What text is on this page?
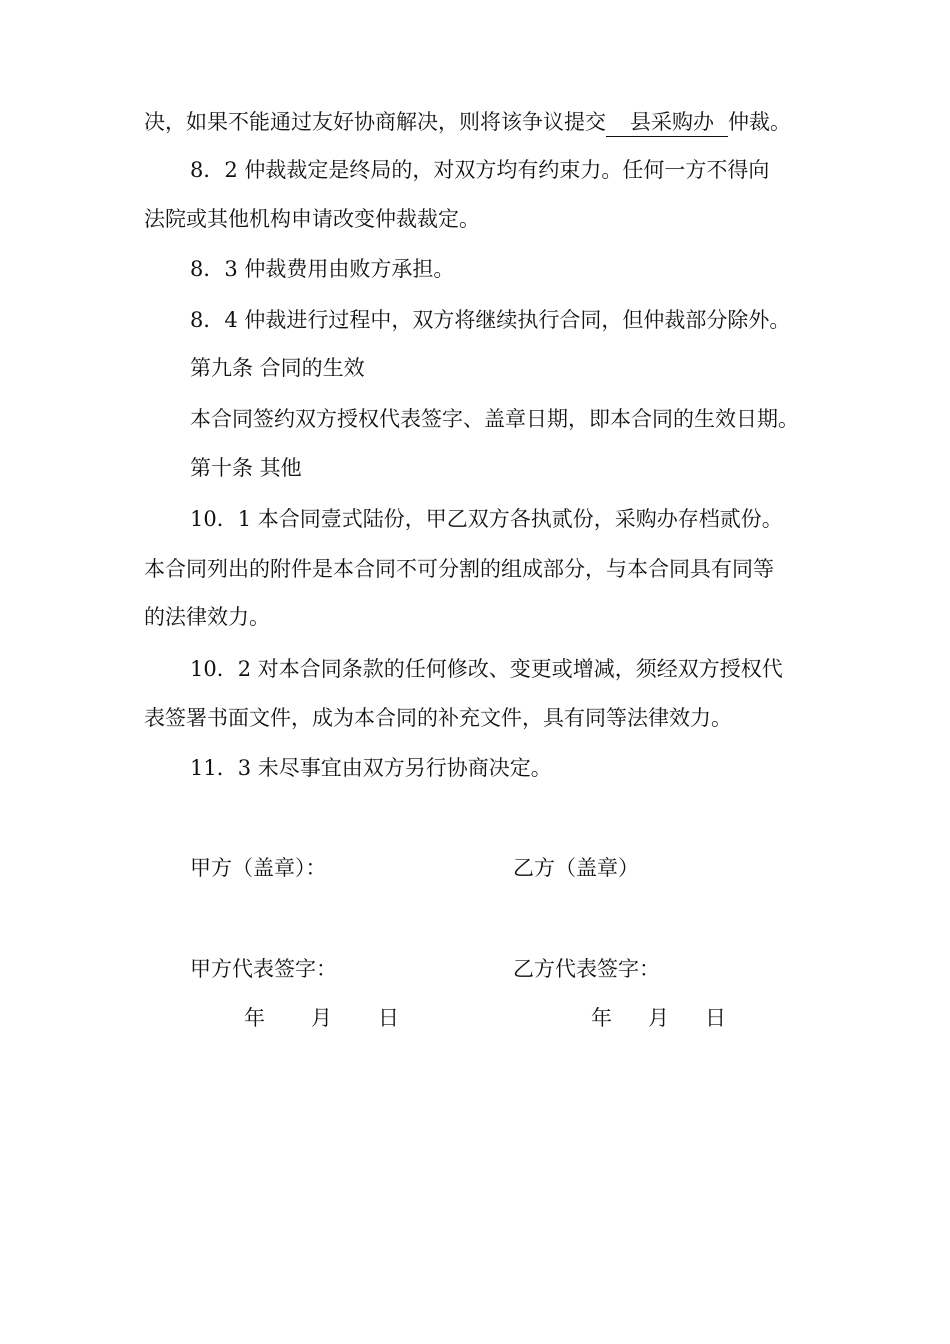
决，如果不能通过友好协商解决，则将该争议提交 县采购办 仲裁。
8．2 仲裁裁定是终局的，对双方均有约束力。任何一方不得向
法院或其他机构申请改变仲裁裁定。
8．3 仲裁费用由败方承担。
8．4 仲裁进行过程中，双方将继续执行合同，但仲裁部分除外。
第九条 合同的生效
本合同签约双方授权代表签字、盖章日期，即本合同的生效日期。
第十条 其他
10．1 本合同壹式陆份，甲乙双方各执贰份，采购办存档贰份。
本合同列出的附件是本合同不可分割的组成部分，与本合同具有同等
的法律效力。
10．2 对本合同条款的任何修改、变更或增减，须经双方授权代
表签署书面文件，成为本合同的补充文件，具有同等法律效力。
11．3 未尽事宜由双方另行协商决定。
甲方（盖章）：	乙方（盖章）
甲方代表签字：	乙方代表签字：
年 月 日	年 月 日
